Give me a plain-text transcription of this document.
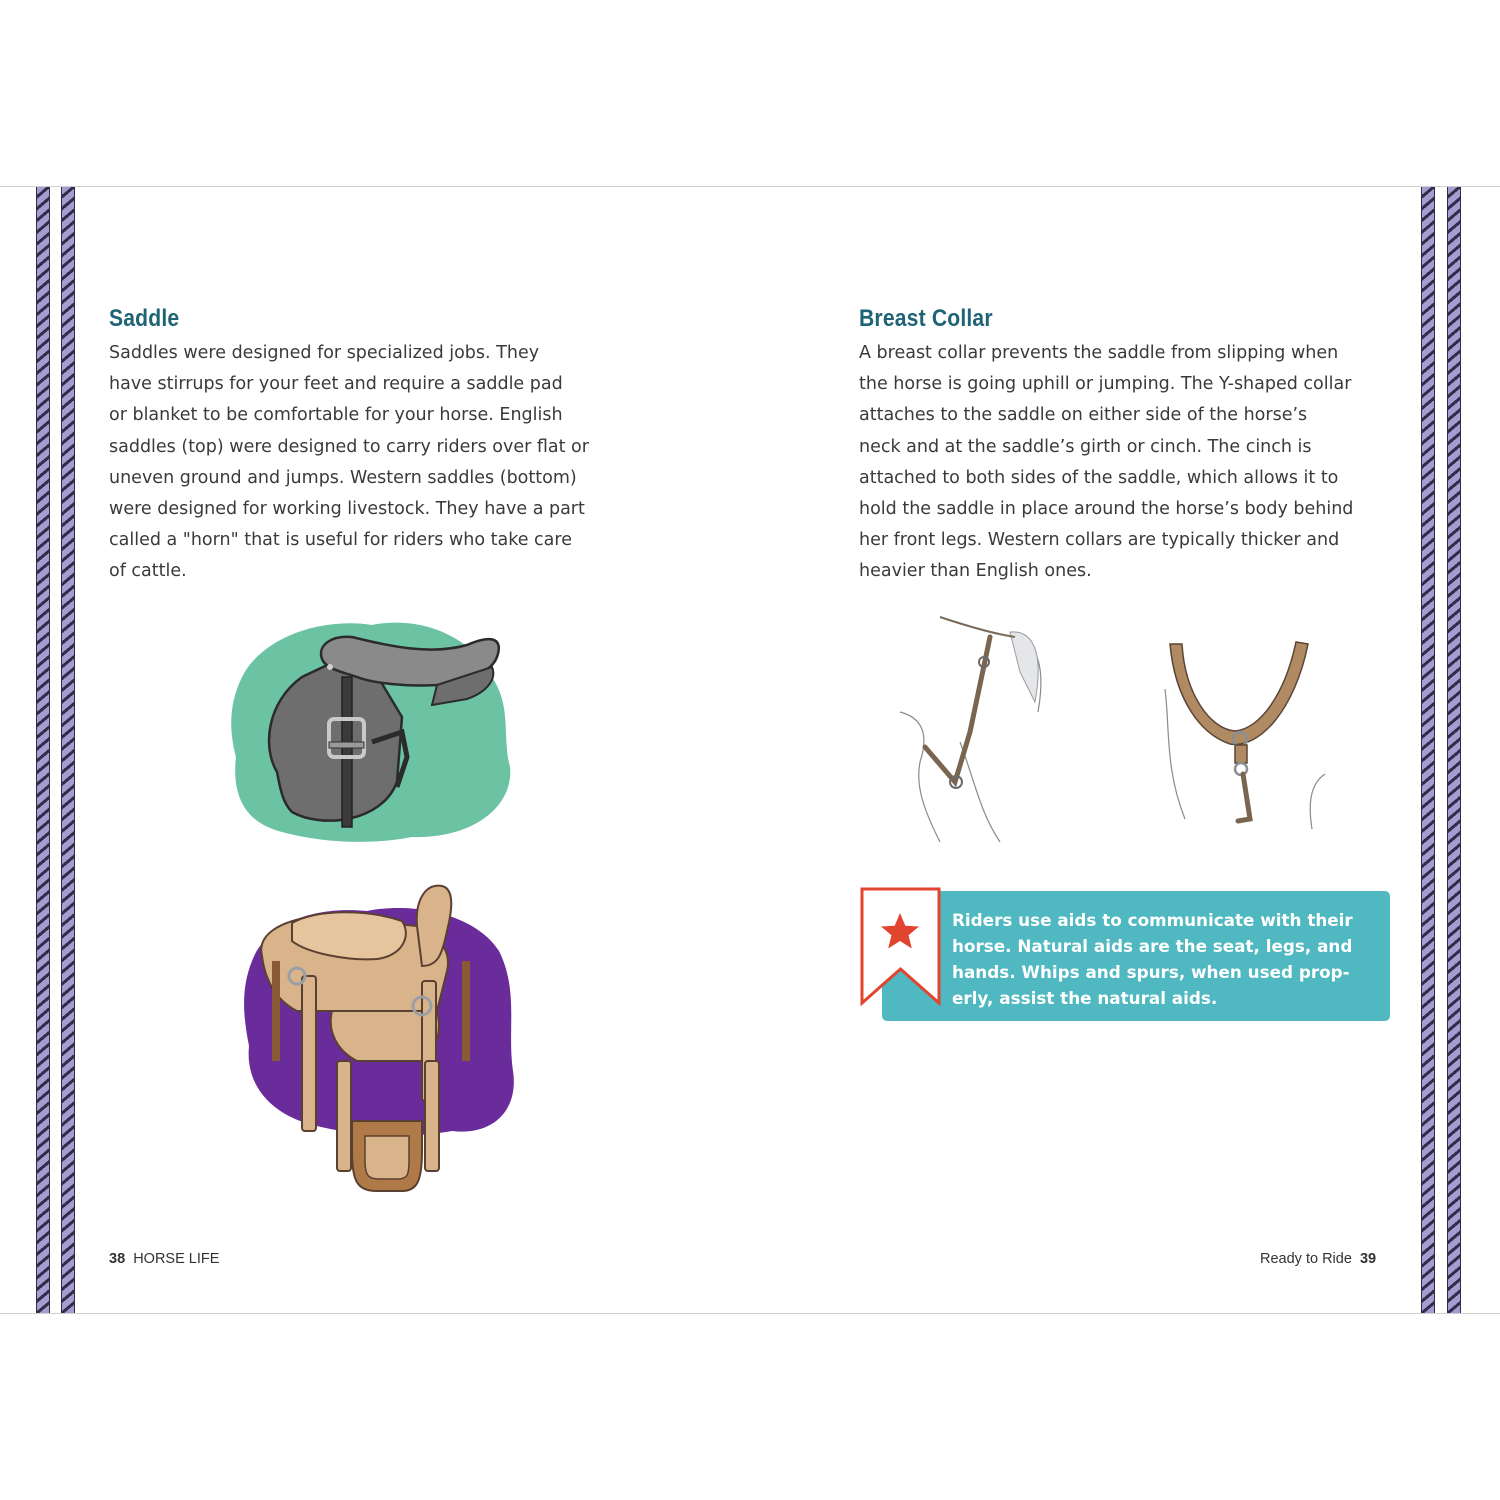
Saddle
Saddles were designed for specialized jobs. They
have stirrups for your feet and require a saddle pad
or blanket to be comfortable for your horse. English
saddles (top) were designed to carry riders over flat or
uneven ground and jumps. Western saddles (bottom)
were designed for working livestock. They have a part
called a "horn" that is useful for riders who take care
of cattle.
38 HORSE LIFE
Breast Collar
A breast collar prevents the saddle from slipping when
the horse is going uphill or jumping. The Y-shaped collar
attaches to the saddle on either side of the horse’s
neck and at the saddle’s girth or cinch. The cinch is
attached to both sides of the saddle, which allows it to
hold the saddle in place around the horse’s body behind
her front legs. Western collars are typically thicker and
heavier than English ones.
Riders use aids to communicate with their
horse. Natural aids are the seat, legs, and
hands. Whips and spurs, when used prop-
erly, assist the natural aids.
Ready to Ride 39
